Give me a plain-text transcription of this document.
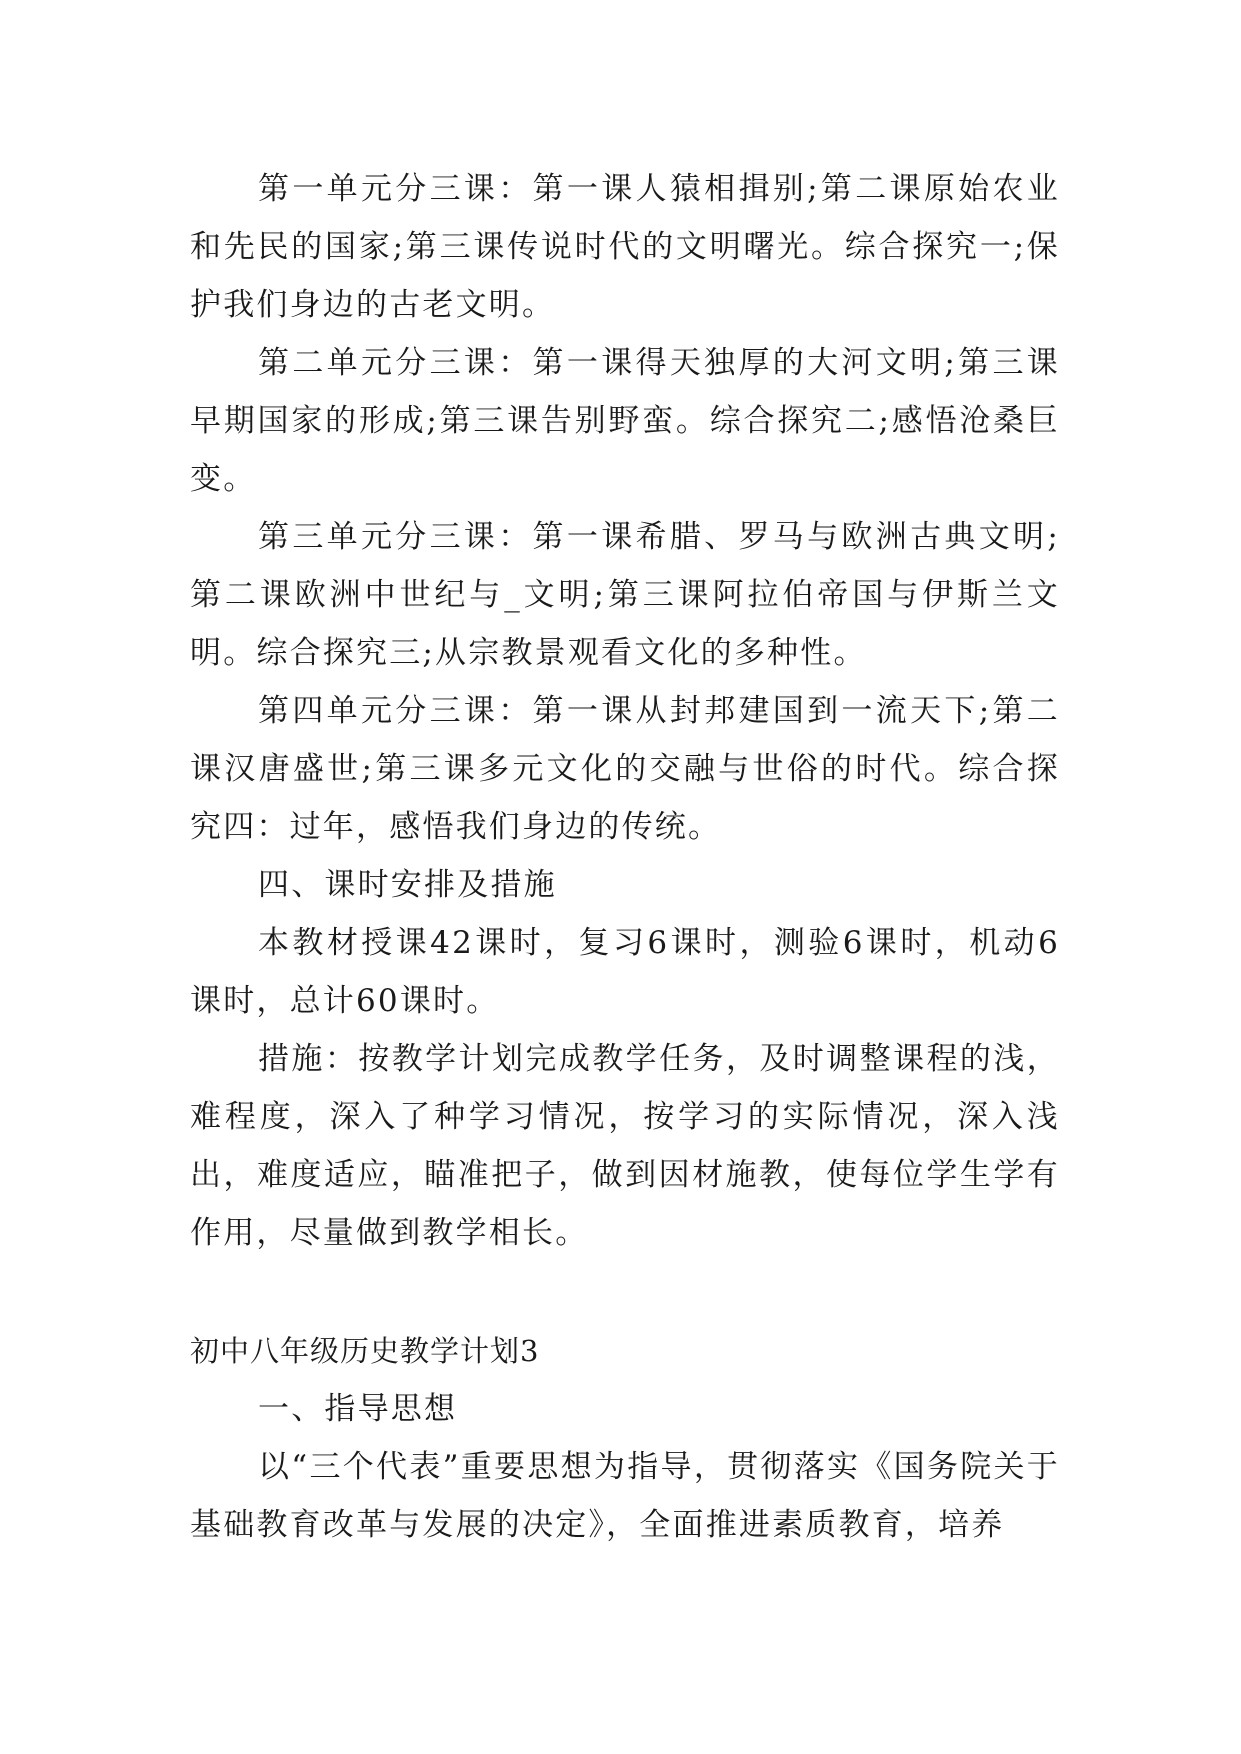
第一单元分三课：第一课人猿相揖别;第二课原始农业和先民的国家;第三课传说时代的文明曙光。综合探究一;保护我们身边的古老文明。

第二单元分三课：第一课得天独厚的大河文明;第三课早期国家的形成;第三课告别野蛮。综合探究二;感悟沧桑巨变。

第三单元分三课：第一课希腊、罗马与欧洲古典文明;第二课欧洲中世纪与_文明;第三课阿拉伯帝国与伊斯兰文明。综合探究三;从宗教景观看文化的多种性。

第四单元分三课：第一课从封邦建国到一流天下;第二课汉唐盛世;第三课多元文化的交融与世俗的时代。综合探究四：过年，感悟我们身边的传统。

四、课时安排及措施

本教材授课42课时，复习6课时，测验6课时，机动6课时，总计60课时。

措施：按教学计划完成教学任务，及时调整课程的浅，难程度，深入了种学习情况，按学习的实际情况，深入浅出，难度适应，瞄准把子，做到因材施教，使每位学生学有作用，尽量做到教学相长。

初中八年级历史教学计划3

一、指导思想

以“三个代表”重要思想为指导，贯彻落实《国务院关于基础教育改革与发展的决定》，全面推进素质教育，培养
